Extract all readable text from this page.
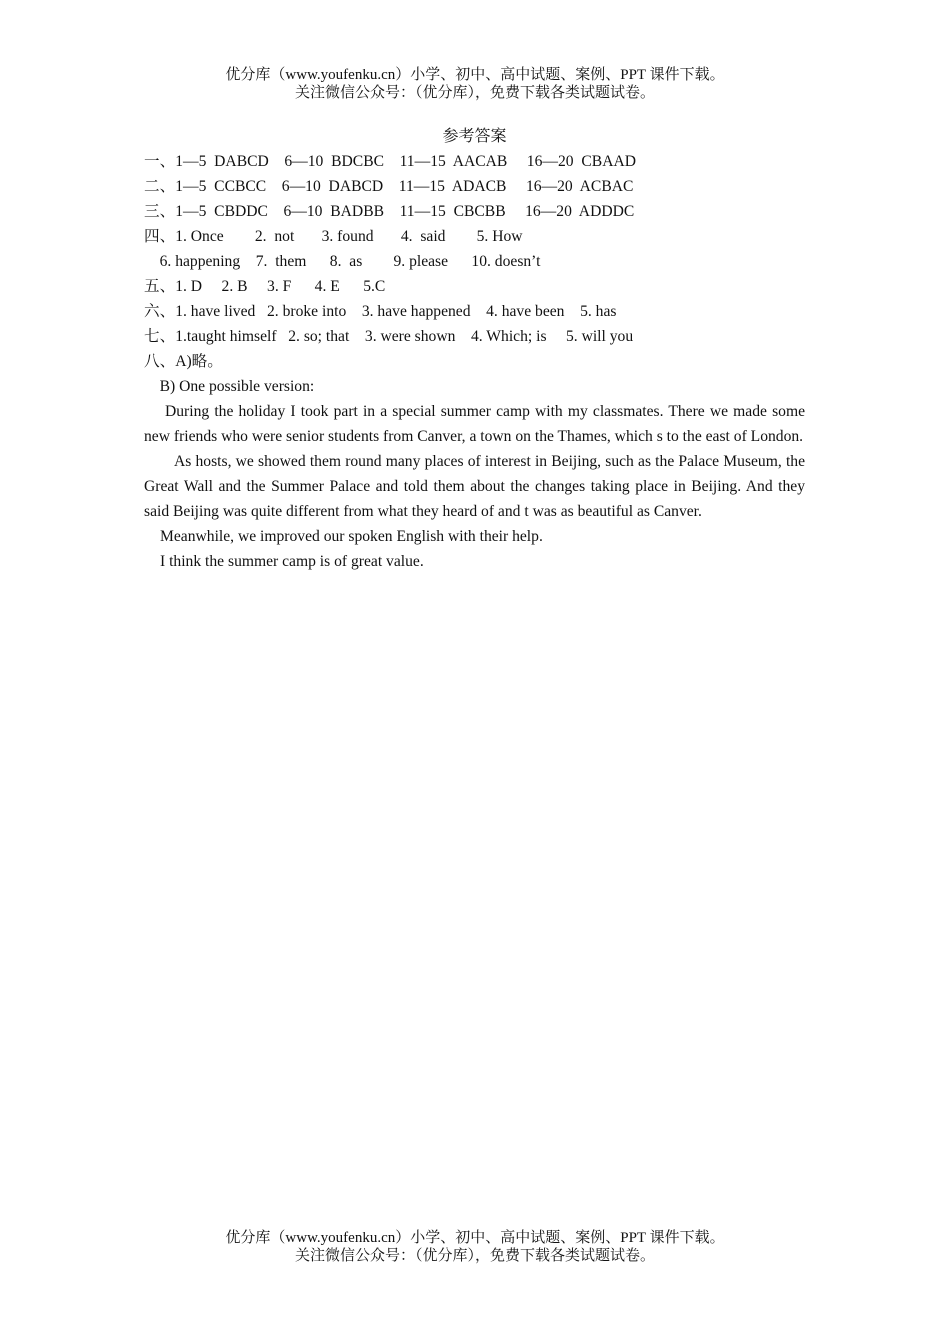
优分库（www.youfenku.cn）小学、初中、高中试题、案例、PPT 课件下载。
关注微信公众号：（优分库），免费下载各类试题试卷。
参考答案
一、1—5  DABCD    6—10  BDCBC    11—15  AACAB     16—20  CBAAD
二、1—5  CCBCC    6—10  DABCD    11—15  ADACB     16—20  ACBAC
三、1—5  CBDDC    6—10  BADBB    11—15  CBCBB     16—20  ADDDC
四、1. Once        2.  not       3. found       4.  said        5. How
6. happening    7.  them      8.  as        9. please      10. doesn’t
五、1. D     2. B     3. F      4. E      5.C
六、1. have lived   2. broke into    3. have happened    4. have been    5. has
七、1.taught himself   2. so; that    3. were shown    4. Which; is     5. will you
八、A)略。
B) One possible version:
During the holiday I took part in a special summer camp with my classmates. There we made some new friends who were senior students from Canver, a town on the Thames, which s to the east of London.
As hosts, we showed them round many places of interest in Beijing, such as the Palace Museum, the Great Wall and the Summer Palace and told them about the changes taking place in Beijing. And they said Beijing was quite different from what they heard of and t was as beautiful as Canver.
Meanwhile, we improved our spoken English with their help.
I think the summer camp is of great value.
优分库（www.youfenku.cn）小学、初中、高中试题、案例、PPT 课件下载。
关注微信公众号：（优分库），免费下载各类试题试卷。
